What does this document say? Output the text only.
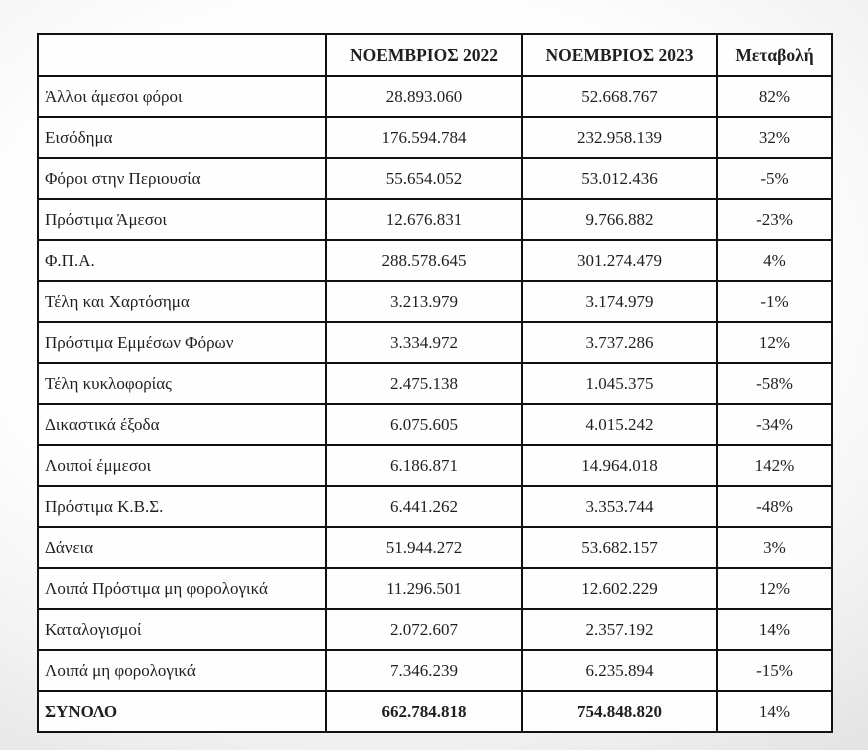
	ΝΟΕΜΒΡΙΟΣ 2022	ΝΟΕΜΒΡΙΟΣ 2023	Μεταβολή
Άλλοι άμεσοι φόροι	28.893.060	52.668.767	82%
Εισόδημα	176.594.784	232.958.139	32%
Φόροι στην Περιουσία	55.654.052	53.012.436	-5%
Πρόστιμα Άμεσοι	12.676.831	9.766.882	-23%
Φ.Π.Α.	288.578.645	301.274.479	4%
Τέλη και Χαρτόσημα	3.213.979	3.174.979	-1%
Πρόστιμα Εμμέσων Φόρων	3.334.972	3.737.286	12%
Τέλη κυκλοφορίας	2.475.138	1.045.375	-58%
Δικαστικά έξοδα	6.075.605	4.015.242	-34%
Λοιποί έμμεσοι	6.186.871	14.964.018	142%
Πρόστιμα Κ.Β.Σ.	6.441.262	3.353.744	-48%
Δάνεια	51.944.272	53.682.157	3%
Λοιπά Πρόστιμα μη φορολογικά	11.296.501	12.602.229	12%
Καταλογισμοί	2.072.607	2.357.192	14%
Λοιπά μη φορολογικά	7.346.239	6.235.894	-15%
ΣΥΝΟΛΟ	662.784.818	754.848.820	14%
